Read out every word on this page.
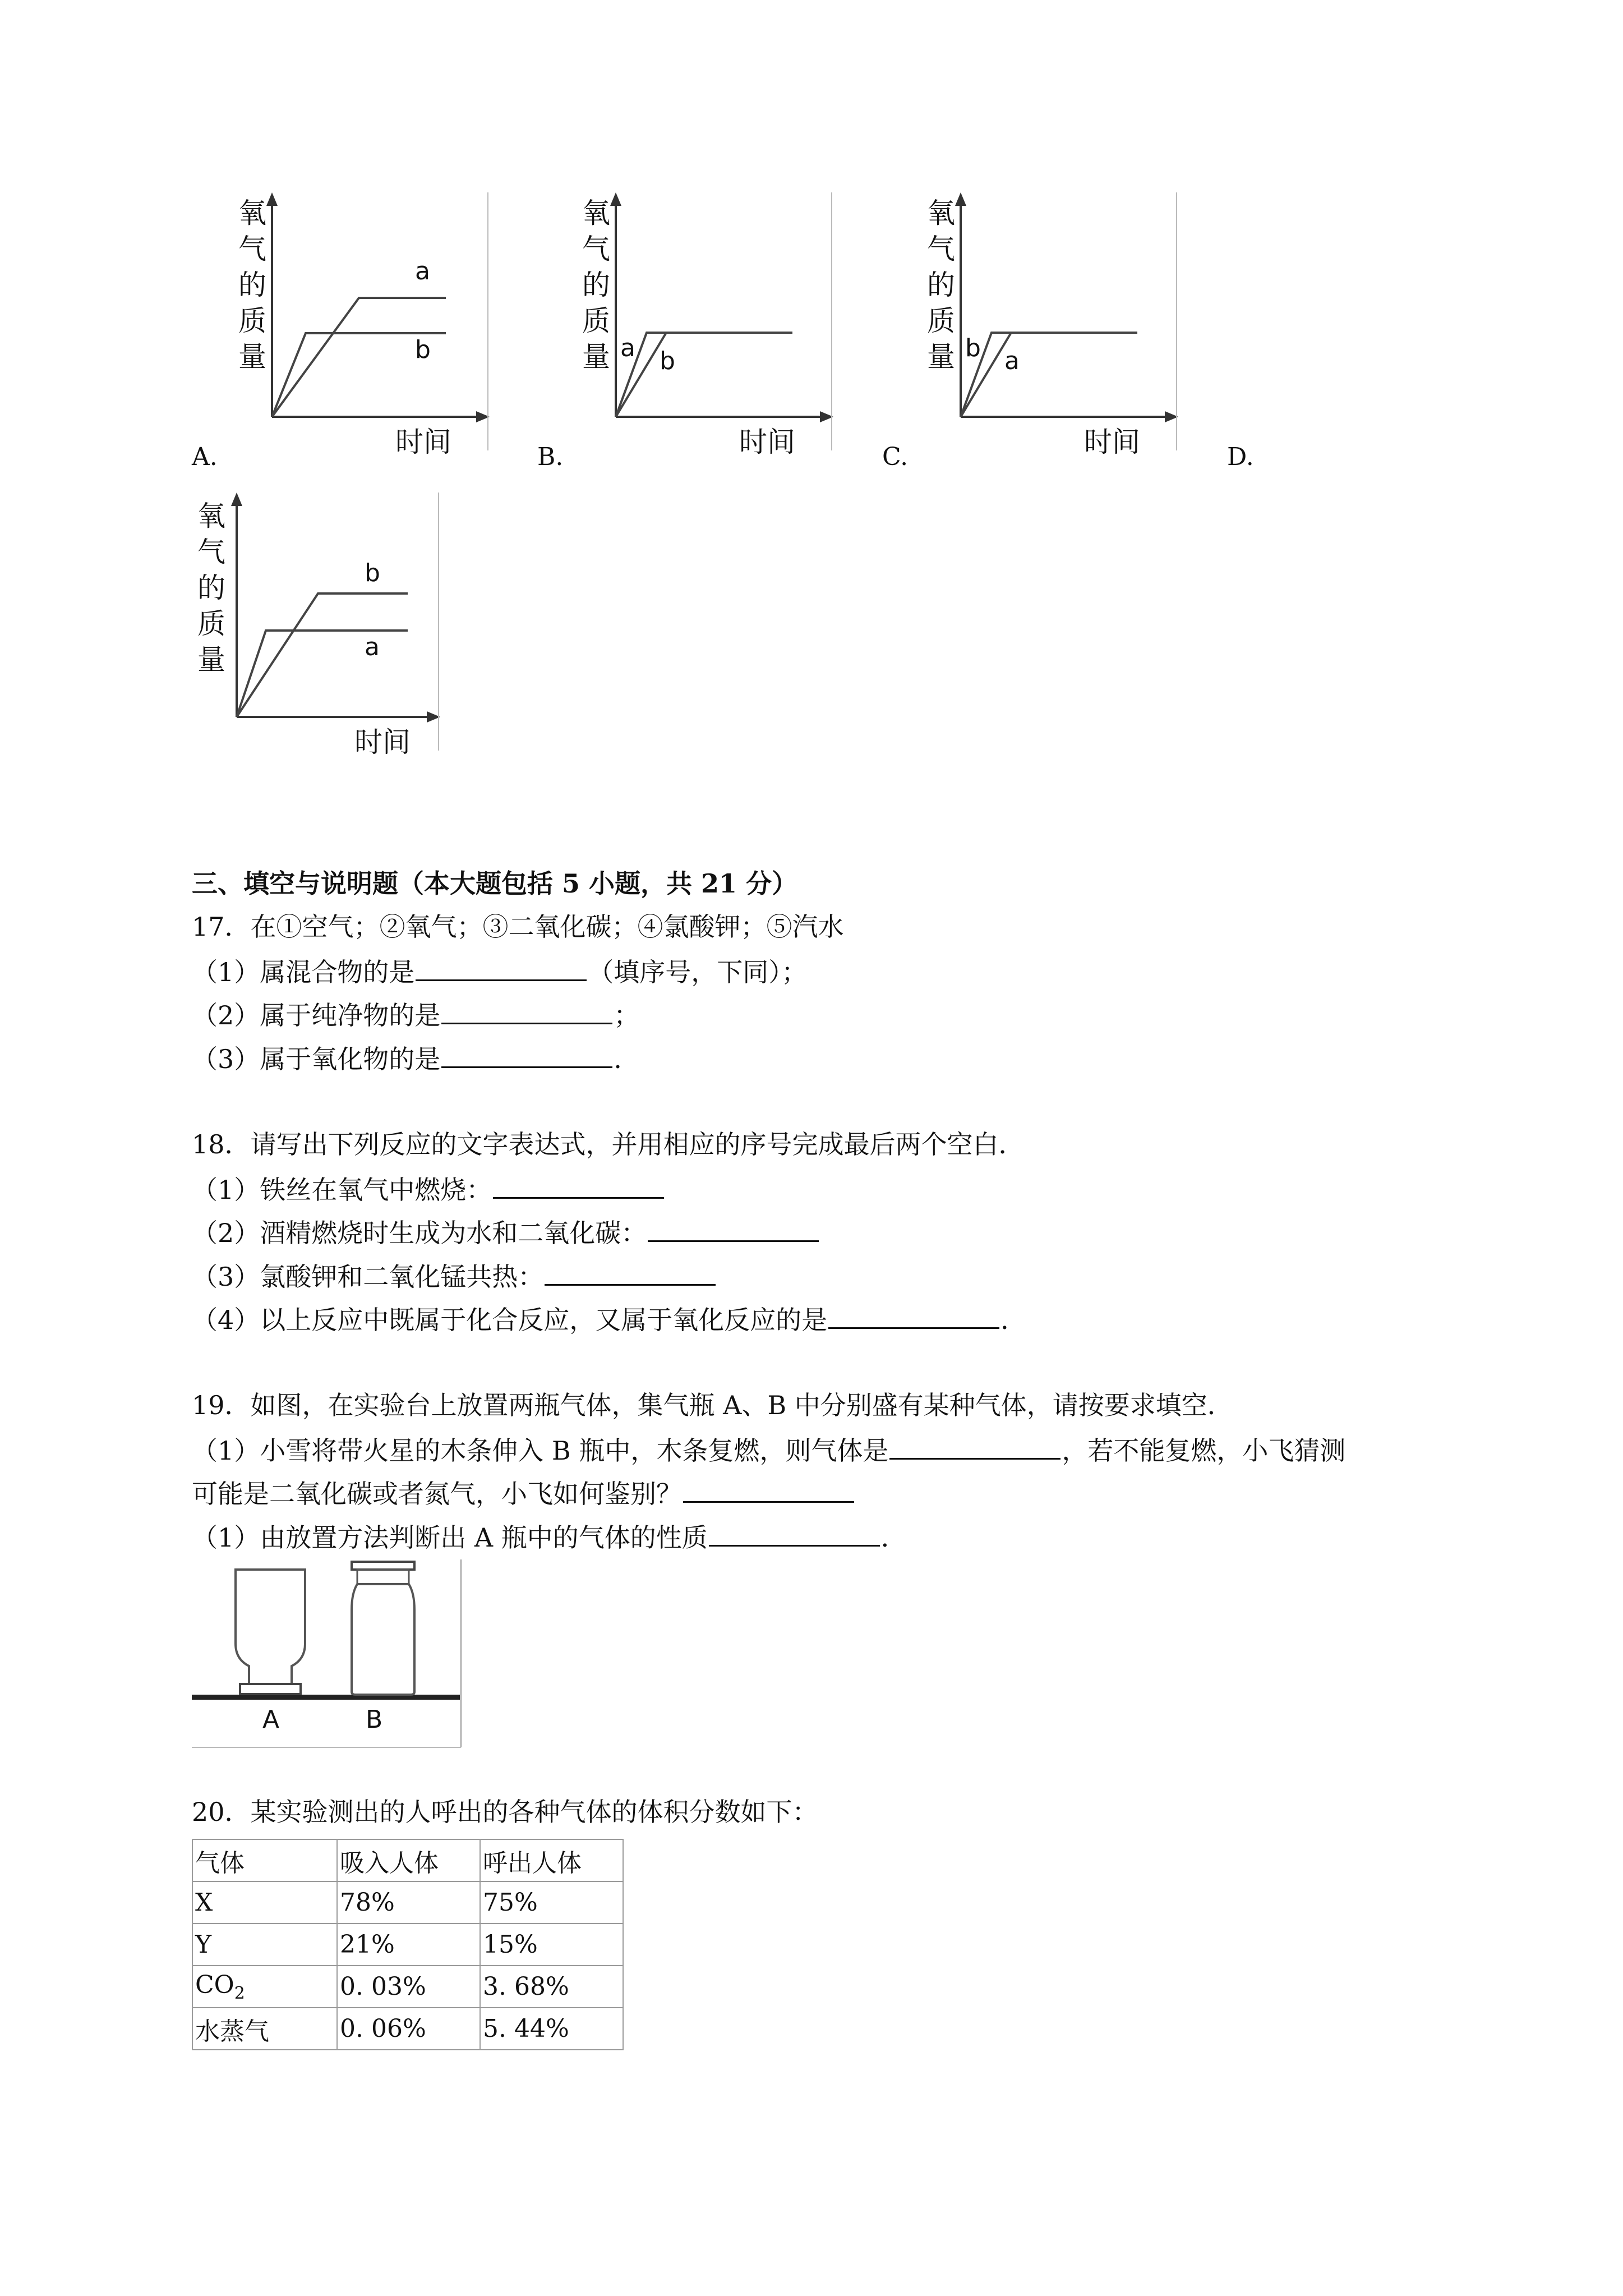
氧
气
的
质
量
时间
a
b
A.
氧
气
的
质
量
时间
a b
B.
氧
气
的
质
量
时间
b a
C.	D.
氧
气
的
质
量
时间
b
a
三、填空与说明题（本大题包括 5 小题，共 21 分）
17．在①空气；②氧气；③二氧化碳；④氯酸钾；⑤汽水
（1）属混合物的是	（填序号，下同）；
（2）属于纯净物的是	；
（3）属于氧化物的是	.
18．请写出下列反应的文字表达式，并用相应的序号完成最后两个空白．
（1）铁丝在氧气中燃烧：
（2）酒精燃烧时生成为水和二氧化碳：
（3）氯酸钾和二氧化锰共热：
（4）以上反应中既属于化合反应，又属于氧化反应的是	．
19．如图，在实验台上放置两瓶气体，集气瓶 A、B 中分别盛有某种气体，请按要求填空．
（1）小雪将带火星的木条伸入 B 瓶中，木条复燃，则气体是	，若不能复燃，小飞猜测
可能是二氧化碳或者氮气，小飞如何鉴别？
（1）由放置方法判断出 A 瓶中的气体的性质	．
A	B
20．某实验测出的人呼出的各种气体的体积分数如下：
气体	吸入人体	呼出人体
X	78%	75%
Y	21%	15%
$CO_2$	0. 03%	3. 68%
水蒸气	0. 06%	5. 44%
